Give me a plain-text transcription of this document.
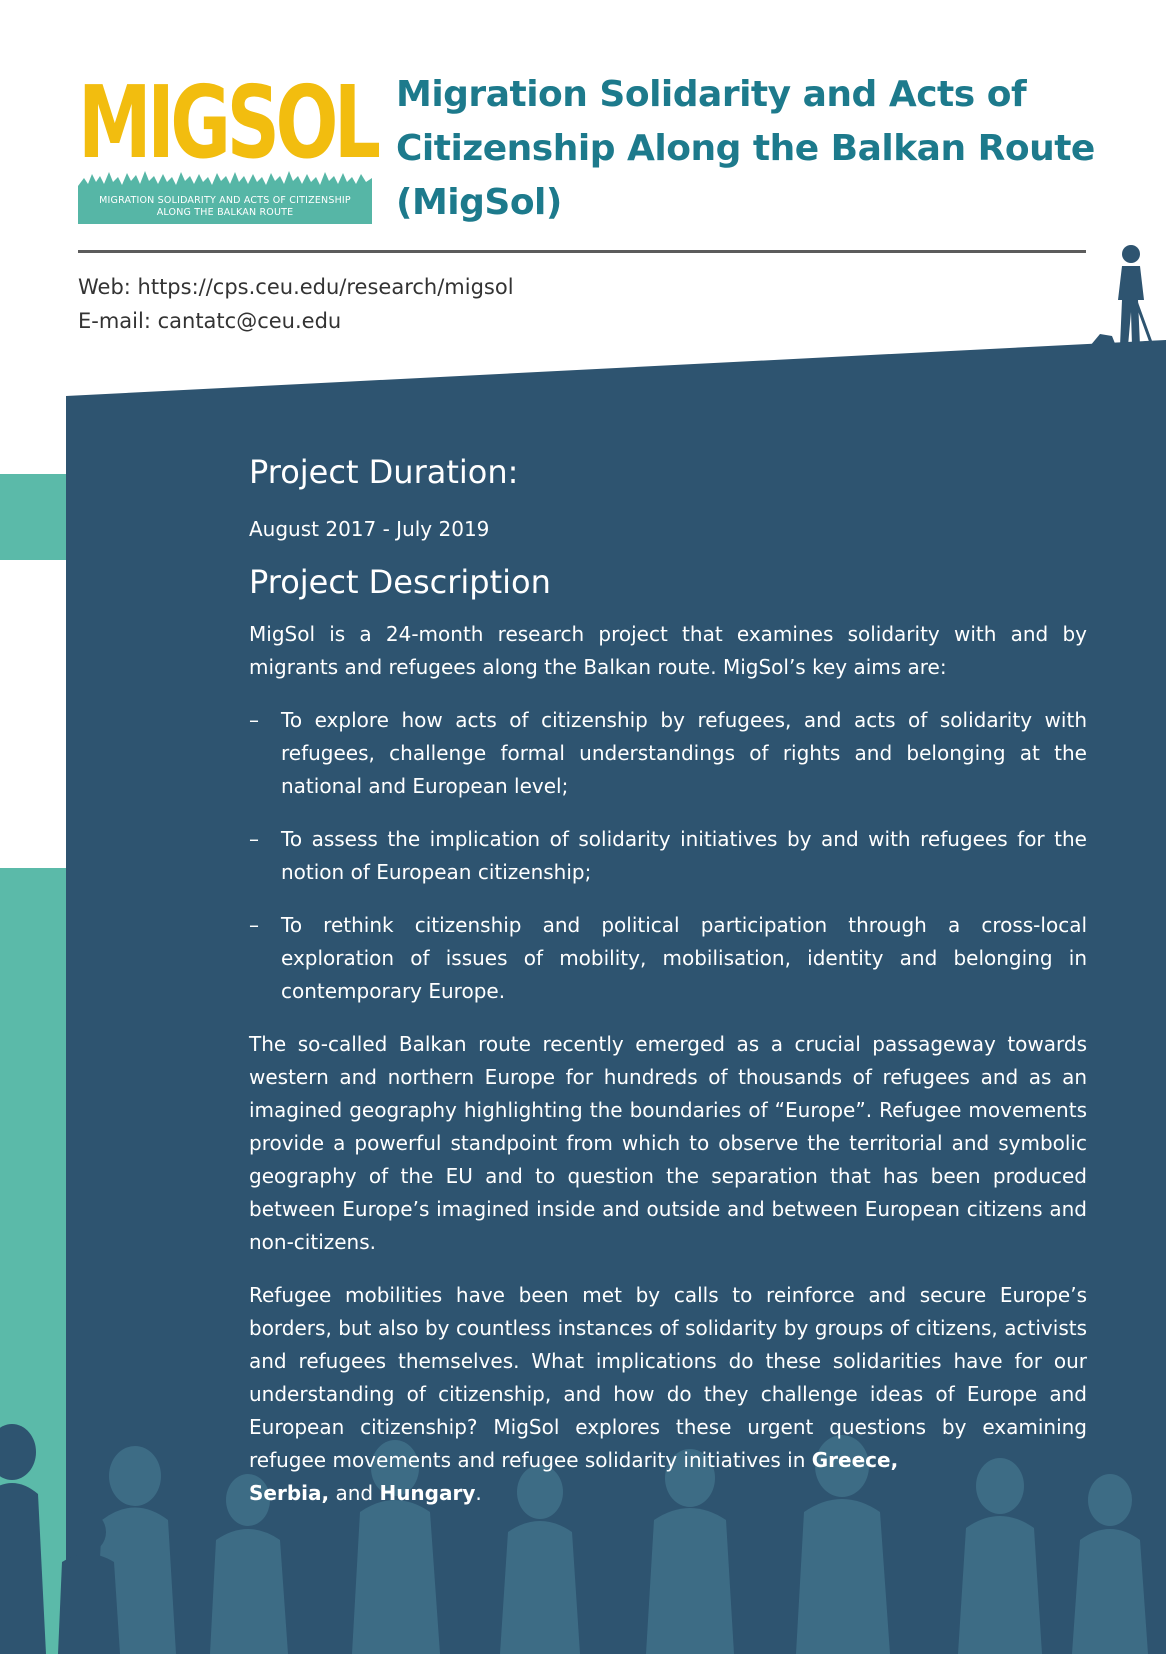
MIGSOL
MIGRATION SOLIDARITY AND ACTS OF CITIZENSHIP
ALONG THE BALKAN ROUTE
Migration Solidarity and Acts of
Citizenship Along the Balkan Route
(MigSol)
Web: https://cps.ceu.edu/research/migsol
E-mail: cantatc@ceu.edu
Project Duration:

August 2017 - July 2019

Project Description

MigSol is a 24-month research project that examines solidarity with and by migrants and refugees along the Balkan route. MigSol’s key aims are:

– To explore how acts of citizenship by refugees, and acts of solidarity with refugees, challenge formal understandings of rights and belonging at the national and European level;
– To assess the implication of solidarity initiatives by and with refugees for the notion of European citizenship;
– To rethink citizenship and political participation through a cross-local exploration of issues of mobility, mobilisation, identity and belonging in contemporary Europe.

The so-called Balkan route recently emerged as a crucial passageway towards western and northern Europe for hundreds of thousands of refugees and as an imagined geography highlighting the boundaries of “Europe”. Refugee movements provide a powerful standpoint from which to observe the territorial and symbolic geography of the EU and to question the separation that has been produced between Europe’s imagined inside and outside and between European citizens and non-citizens.

Refugee mobilities have been met by calls to reinforce and secure Europe’s borders, but also by countless instances of solidarity by groups of citizens, activists and refugees themselves. What implications do these solidarities have for our understanding of citizenship, and how do they challenge ideas of Europe and European citizenship? MigSol explores these urgent questions by examining refugee movements and refugee solidarity initiatives in Greece,
Serbia, and Hungary.
